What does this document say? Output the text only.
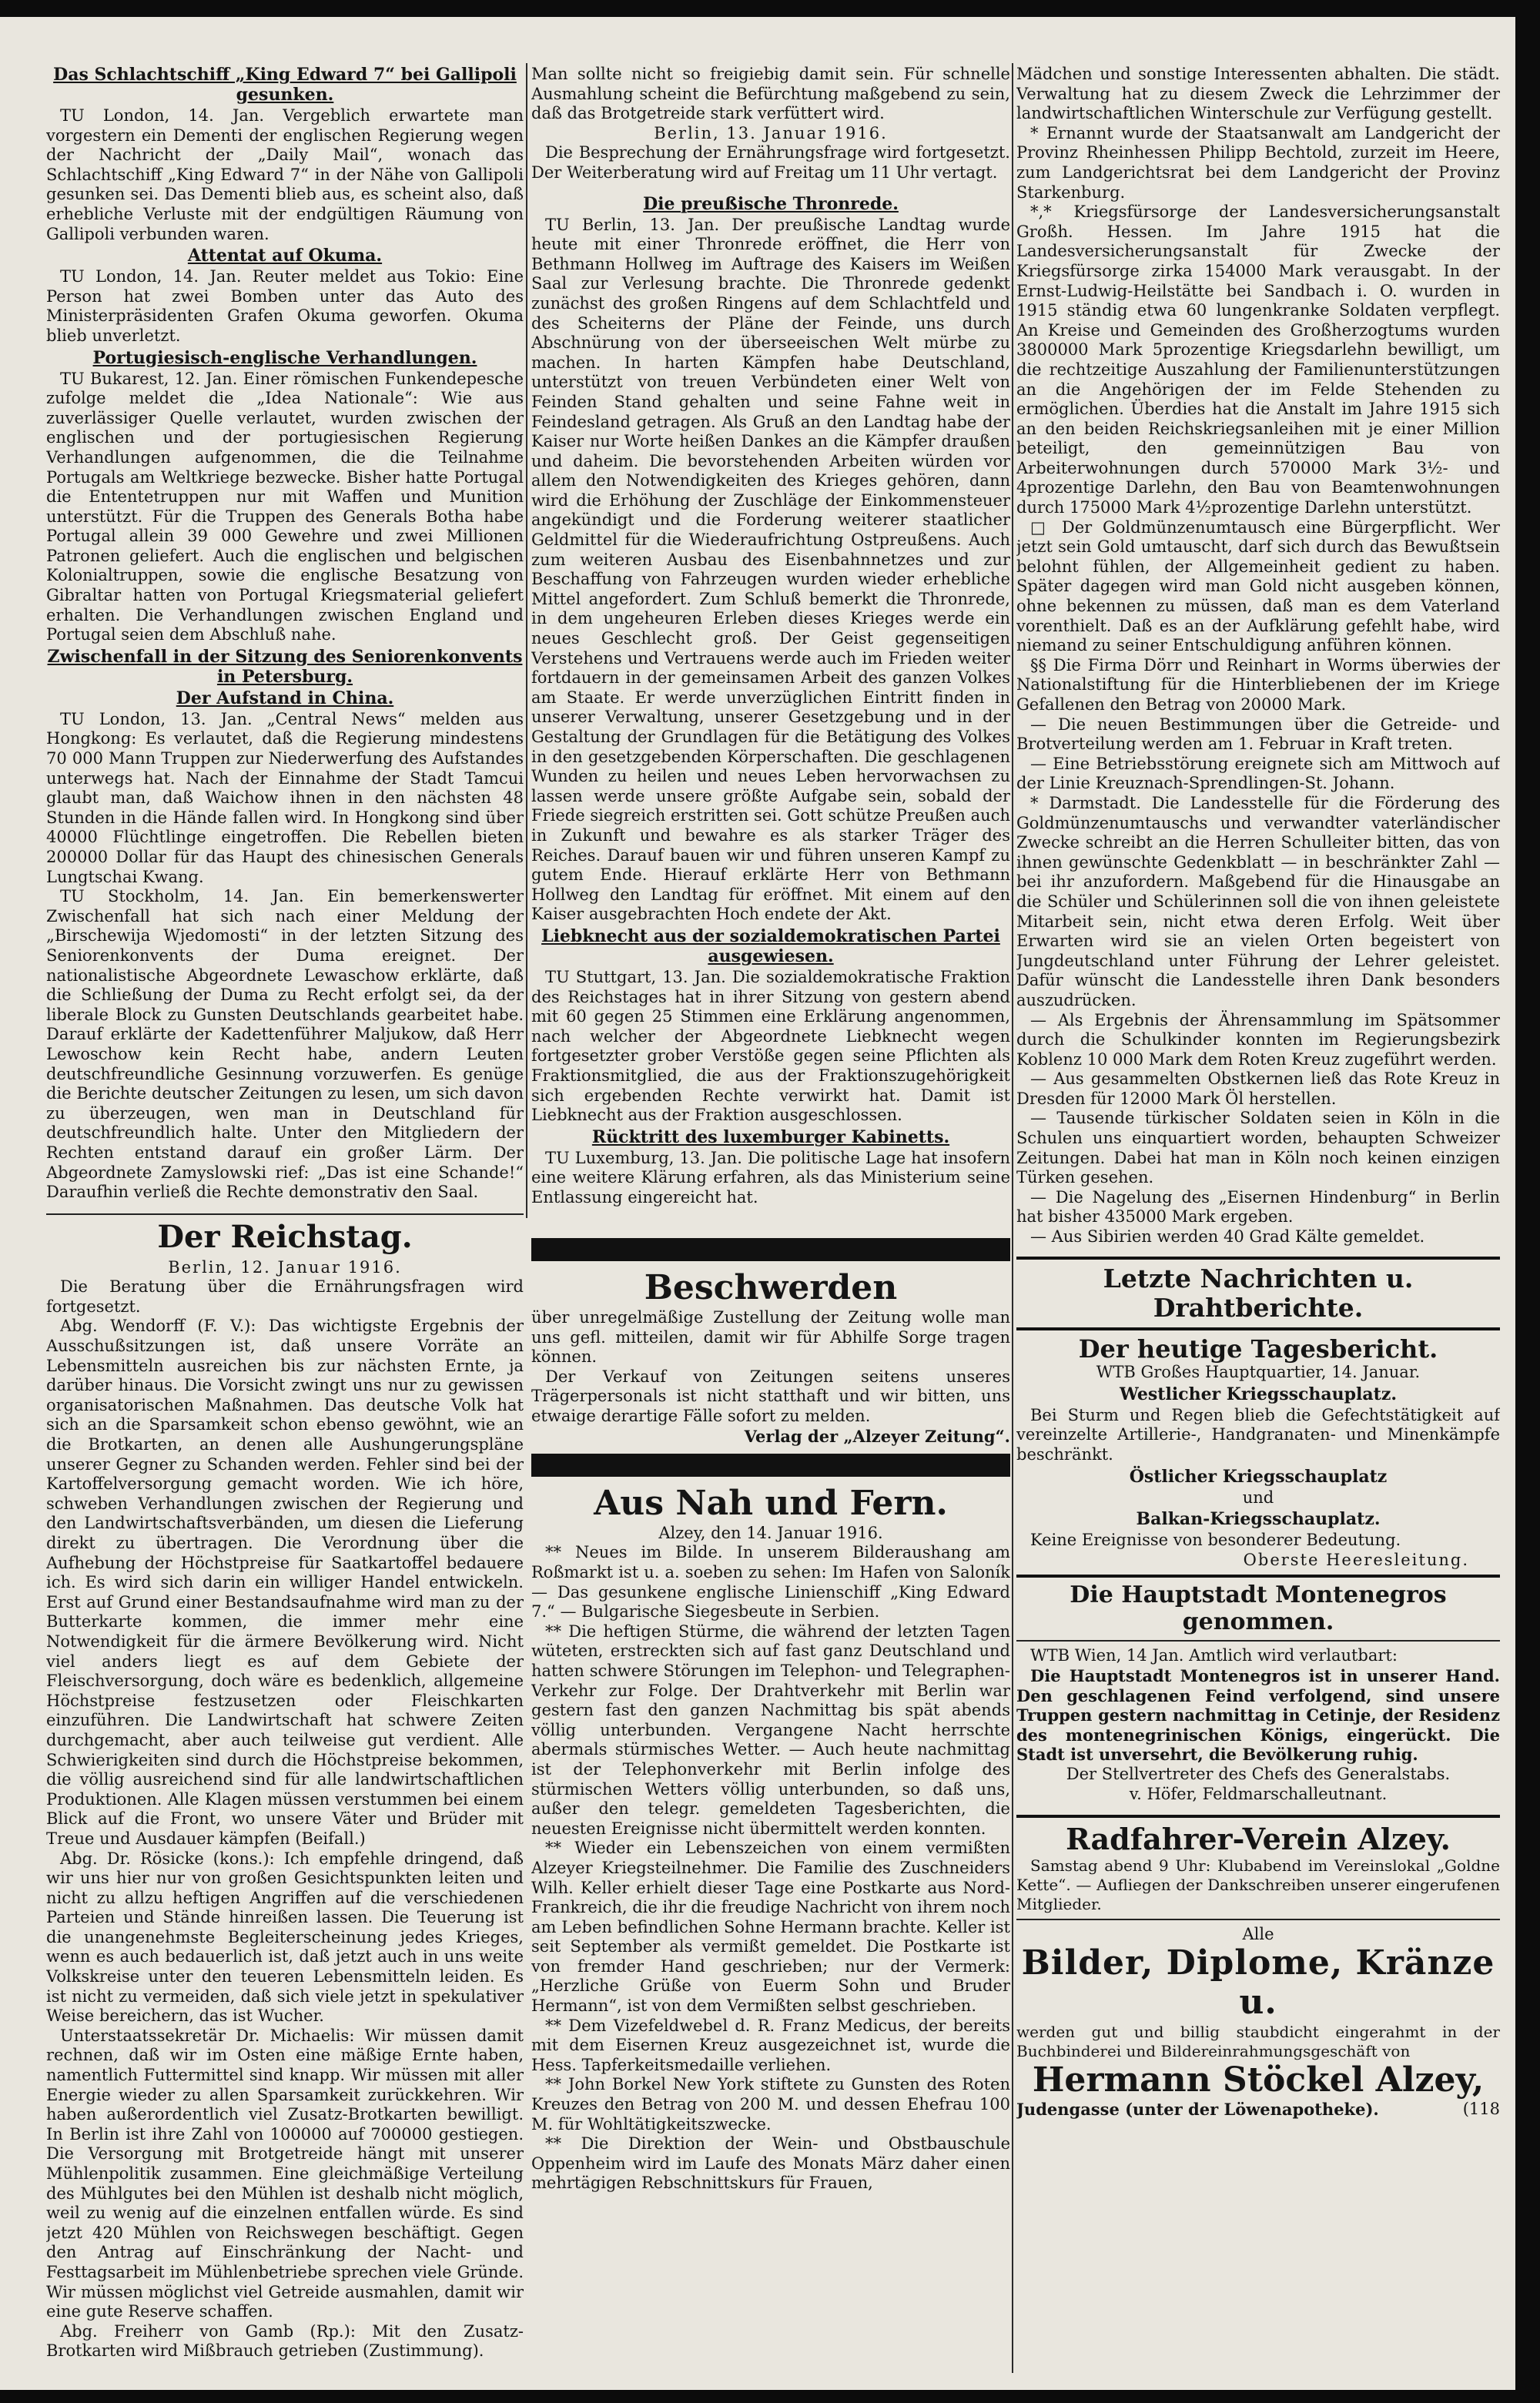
Das Schlachtschiff „King Edward 7“ bei Gallipoli gesunken.

TU London, 14. Jan. Vergeblich erwartete man vorgestern ein Dementi der englischen Regierung wegen der Nachricht der „Daily Mail“, wonach das Schlachtschiff „King Edward 7“ in der Nähe von Gallipoli gesunken sei. Das Dementi blieb aus, es scheint also, daß erhebliche Verluste mit der endgültigen Räumung von Gallipoli verbunden waren.

Attentat auf Okuma.

TU London, 14. Jan. Reuter meldet aus Tokio: Eine Person hat zwei Bomben unter das Auto des Ministerpräsidenten Grafen Okuma geworfen. Okuma blieb unverletzt.

Portugiesisch-englische Verhandlungen.

TU Bukarest, 12. Jan. Einer römischen Funkendepesche zufolge meldet die „Idea Nationale“: Wie aus zuverlässiger Quelle verlautet, wurden zwischen der englischen und der portugiesischen Regierung Verhandlungen aufgenommen, die die Teilnahme Portugals am Weltkriege bezwecke. Bisher hatte Portugal die Ententetruppen nur mit Waffen und Munition unterstützt. Für die Truppen des Generals Botha habe Portugal allein 39 000 Gewehre und zwei Millionen Patronen geliefert. Auch die englischen und belgischen Kolonialtruppen, sowie die englische Besatzung von Gibraltar hatten von Portugal Kriegsmaterial geliefert erhalten. Die Verhandlungen zwischen England und Portugal seien dem Abschluß nahe.

Zwischenfall in der Sitzung des Seniorenkonvents in Petersburg.
Der Aufstand in China.

TU London, 13. Jan. „Central News“ melden aus Hongkong: Es verlautet, daß die Regierung mindestens 70 000 Mann Truppen zur Niederwerfung des Aufstandes unterwegs hat. Nach der Einnahme der Stadt Tamcui glaubt man, daß Waichow ihnen in den nächsten 48 Stunden in die Hände fallen wird. In Hongkong sind über 40000 Flüchtlinge eingetroffen. Die Rebellen bieten 200000 Dollar für das Haupt des chinesischen Generals Lungtschai Kwang.

TU Stockholm, 14. Jan. Ein bemerkenswerter Zwischenfall hat sich nach einer Meldung der „Birschewija Wjedomosti“ in der letzten Sitzung des Seniorenkonvents der Duma ereignet. Der nationalistische Abgeordnete Lewaschow erklärte, daß die Schließung der Duma zu Recht erfolgt sei, da der liberale Block zu Gunsten Deutschlands gearbeitet habe. Darauf erklärte der Kadettenführer Maljukow, daß Herr Lewoschow kein Recht habe, andern Leuten deutschfreundliche Gesinnung vorzuwerfen. Es genüge die Berichte deutscher Zeitungen zu lesen, um sich davon zu überzeugen, wen man in Deutschland für deutschfreundlich halte. Unter den Mitgliedern der Rechten entstand darauf ein großer Lärm. Der Abgeordnete Zamyslowski rief: „Das ist eine Schande!“ Daraufhin verließ die Rechte demonstrativ den Saal.

Der Reichstag.
Berlin, 12. Januar 1916.

Die Beratung über die Ernährungsfragen wird fortgesetzt.

Abg. Wendorff (F. V.): Das wichtigste Ergebnis der Ausschußsitzungen ist, daß unsere Vorräte an Lebensmitteln ausreichen bis zur nächsten Ernte, ja darüber hinaus. Die Vorsicht zwingt uns nur zu gewissen organisatorischen Maßnahmen. Das deutsche Volk hat sich an die Sparsamkeit schon ebenso gewöhnt, wie an die Brotkarten, an denen alle Aushungerungspläne unserer Gegner zu Schanden werden. Fehler sind bei der Kartoffelversorgung gemacht worden. Wie ich höre, schweben Verhandlungen zwischen der Regierung und den Landwirtschaftsverbänden, um diesen die Lieferung direkt zu übertragen. Die Verordnung über die Aufhebung der Höchstpreise für Saatkartoffel bedauere ich. Es wird sich darin ein williger Handel entwickeln. Erst auf Grund einer Bestandsaufnahme wird man zu der Butterkarte kommen, die immer mehr eine Notwendigkeit für die ärmere Bevölkerung wird. Nicht viel anders liegt es auf dem Gebiete der Fleischversorgung, doch wäre es bedenklich, allgemeine Höchstpreise festzusetzen oder Fleischkarten einzuführen. Die Landwirtschaft hat schwere Zeiten durchgemacht, aber auch teilweise gut verdient. Alle Schwierigkeiten sind durch die Höchstpreise bekommen, die völlig ausreichend sind für alle landwirtschaftlichen Produktionen. Alle Klagen müssen verstummen bei einem Blick auf die Front, wo unsere Väter und Brüder mit Treue und Ausdauer kämpfen (Beifall.)

Abg. Dr. Rösicke (kons.): Ich empfehle dringend, daß wir uns hier nur von großen Gesichtspunkten leiten und nicht zu allzu heftigen Angriffen auf die verschiedenen Parteien und Stände hinreißen lassen. Die Teuerung ist die unangenehmste Begleiterscheinung jedes Krieges, wenn es auch bedauerlich ist, daß jetzt auch in uns weite Volkskreise unter den teueren Lebensmitteln leiden. Es ist nicht zu vermeiden, daß sich viele jetzt in spekulativer Weise bereichern, das ist Wucher.

Unterstaatssekretär Dr. Michaelis: Wir müssen damit rechnen, daß wir im Osten eine mäßige Ernte haben, namentlich Futtermittel sind knapp. Wir müssen mit aller Energie wieder zu allen Sparsamkeit zurückkehren. Wir haben außerordentlich viel Zusatz-Brotkarten bewilligt. In Berlin ist ihre Zahl von 100000 auf 700000 gestiegen. Die Versorgung mit Brotgetreide hängt mit unserer Mühlenpolitik zusammen. Eine gleichmäßige Verteilung des Mühlgutes bei den Mühlen ist deshalb nicht möglich, weil zu wenig auf die einzelnen entfallen würde. Es sind jetzt 420 Mühlen von Reichswegen beschäftigt. Gegen den Antrag auf Einschränkung der Nacht- und Festtagsarbeit im Mühlenbetriebe sprechen viele Gründe. Wir müssen möglichst viel Getreide ausmahlen, damit wir eine gute Reserve schaffen.

Abg. Freiherr von Gamb (Rp.): Mit den Zusatz-Brotkarten wird Mißbrauch getrieben (Zustimmung).

Man sollte nicht so freigiebig damit sein. Für schnelle Ausmahlung scheint die Befürchtung maßgebend zu sein, daß das Brotgetreide stark verfüttert wird.

Berlin, 13. Januar 1916.

Die Besprechung der Ernährungsfrage wird fortgesetzt. Der Weiterberatung wird auf Freitag um 11 Uhr vertagt.

Die preußische Thronrede.

TU Berlin, 13. Jan. Der preußische Landtag wurde heute mit einer Thronrede eröffnet, die Herr von Bethmann Hollweg im Auftrage des Kaisers im Weißen Saal zur Verlesung brachte. Die Thronrede gedenkt zunächst des großen Ringens auf dem Schlachtfeld und des Scheiterns der Pläne der Feinde, uns durch Abschnürung von der überseeischen Welt mürbe zu machen. In harten Kämpfen habe Deutschland, unterstützt von treuen Verbündeten einer Welt von Feinden Stand gehalten und seine Fahne weit in Feindesland getragen. Als Gruß an den Landtag habe der Kaiser nur Worte heißen Dankes an die Kämpfer draußen und daheim. Die bevorstehenden Arbeiten würden vor allem den Notwendigkeiten des Krieges gehören, dann wird die Erhöhung der Zuschläge der Einkommensteuer angekündigt und die Forderung weiterer staatlicher Geldmittel für die Wiederaufrichtung Ostpreußens. Auch zum weiteren Ausbau des Eisenbahnnetzes und zur Beschaffung von Fahrzeugen wurden wieder erhebliche Mittel angefordert. Zum Schluß bemerkt die Thronrede, in dem ungeheuren Erleben dieses Krieges werde ein neues Geschlecht groß. Der Geist gegenseitigen Verstehens und Vertrauens werde auch im Frieden weiter fortdauern in der gemeinsamen Arbeit des ganzen Volkes am Staate. Er werde unverzüglichen Eintritt finden in unserer Verwaltung, unserer Gesetzgebung und in der Gestaltung der Grundlagen für die Betätigung des Volkes in den gesetzgebenden Körperschaften. Die geschlagenen Wunden zu heilen und neues Leben hervorwachsen zu lassen werde unsere größte Aufgabe sein, sobald der Friede siegreich erstritten sei. Gott schütze Preußen auch in Zukunft und bewahre es als starker Träger des Reiches. Darauf bauen wir und führen unseren Kampf zu gutem Ende. Hierauf erklärte Herr von Bethmann Hollweg den Landtag für eröffnet. Mit einem auf den Kaiser ausgebrachten Hoch endete der Akt.

Liebknecht aus der sozialdemokratischen Partei ausgewiesen.

TU Stuttgart, 13. Jan. Die sozialdemokratische Fraktion des Reichstages hat in ihrer Sitzung von gestern abend mit 60 gegen 25 Stimmen eine Erklärung angenommen, nach welcher der Abgeordnete Liebknecht wegen fortgesetzter grober Verstöße gegen seine Pflichten als Fraktionsmitglied, die aus der Fraktionszugehörigkeit sich ergebenden Rechte verwirkt hat. Damit ist Liebknecht aus der Fraktion ausgeschlossen.

Rücktritt des luxemburger Kabinetts.

TU Luxemburg, 13. Jan. Die politische Lage hat insofern eine weitere Klärung erfahren, als das Ministerium seine Entlassung eingereicht hat.

Beschwerden

über unregelmäßige Zustellung der Zeitung wolle man uns gefl. mitteilen, damit wir für Abhilfe Sorge tragen können.

Der Verkauf von Zeitungen seitens unseres Trägerpersonals ist nicht statthaft und wir bitten, uns etwaige derartige Fälle sofort zu melden.

Verlag der „Alzeyer Zeitung“.
Aus Nah und Fern.
Alzey, den 14. Januar 1916.

** Neues im Bilde. In unserem Bilderaushang am Roßmarkt ist u. a. soeben zu sehen: Im Hafen von Saloník — Das gesunkene englische Linienschiff „King Edward 7.“ — Bulgarische Siegesbeute in Serbien.

** Die heftigen Stürme, die während der letzten Tagen wüteten, erstreckten sich auf fast ganz Deutschland und hatten schwere Störungen im Telephon- und Telegraphen-Verkehr zur Folge. Der Drahtverkehr mit Berlin war gestern fast den ganzen Nachmittag bis spät abends völlig unterbunden. Vergangene Nacht herrschte abermals stürmisches Wetter. — Auch heute nachmittag ist der Telephonverkehr mit Berlin infolge des stürmischen Wetters völlig unterbunden, so daß uns, außer den telegr. gemeldeten Tagesberichten, die neuesten Ereignisse nicht übermittelt werden konnten.

** Wieder ein Lebenszeichen von einem vermißten Alzeyer Kriegsteilnehmer. Die Familie des Zuschneiders Wilh. Keller erhielt dieser Tage eine Postkarte aus Nord-Frankreich, die ihr die freudige Nachricht von ihrem noch am Leben befindlichen Sohne Hermann brachte. Keller ist seit September als vermißt gemeldet. Die Postkarte ist von fremder Hand geschrieben; nur der Vermerk: „Herzliche Grüße von Euerm Sohn und Bruder Hermann“, ist von dem Vermißten selbst geschrieben.

** Dem Vizefeldwebel d. R. Franz Medicus, der bereits mit dem Eisernen Kreuz ausgezeichnet ist, wurde die Hess. Tapferkeitsmedaille verliehen.

** John Borkel New York stiftete zu Gunsten des Roten Kreuzes den Betrag von 200 M. und dessen Ehefrau 100 M. für Wohltätigkeitszwecke.

** Die Direktion der Wein- und Obstbauschule Oppenheim wird im Laufe des Monats März daher einen mehrtägigen Rebschnittskurs für Frauen,

Mädchen und sonstige Interessenten abhalten. Die städt. Verwaltung hat zu diesem Zweck die Lehrzimmer der landwirtschaftlichen Winterschule zur Verfügung gestellt.

* Ernannt wurde der Staatsanwalt am Landgericht der Provinz Rheinhessen Philipp Bechtold, zurzeit im Heere, zum Landgerichtsrat bei dem Landgericht der Provinz Starkenburg.

*,* Kriegsfürsorge der Landesversicherungsanstalt Großh. Hessen. Im Jahre 1915 hat die Landesversicherungsanstalt für Zwecke der Kriegsfürsorge zirka 154000 Mark verausgabt. In der Ernst-Ludwig-Heilstätte bei Sandbach i. O. wurden in 1915 ständig etwa 60 lungenkranke Soldaten verpflegt. An Kreise und Gemeinden des Großherzogtums wurden 3800000 Mark 5prozentige Kriegsdarlehn bewilligt, um die rechtzeitige Auszahlung der Familienunterstützungen an die Angehörigen der im Felde Stehenden zu ermöglichen. Überdies hat die Anstalt im Jahre 1915 sich an den beiden Reichskriegsanleihen mit je einer Million beteiligt, den gemeinnützigen Bau von Arbeiterwohnungen durch 570000 Mark 3½- und 4prozentige Darlehn, den Bau von Beamtenwohnungen durch 175000 Mark 4½prozentige Darlehn unterstützt.

□ Der Goldmünzenumtausch eine Bürgerpflicht. Wer jetzt sein Gold umtauscht, darf sich durch das Bewußtsein belohnt fühlen, der Allgemeinheit gedient zu haben. Später dagegen wird man Gold nicht ausgeben können, ohne bekennen zu müssen, daß man es dem Vaterland vorenthielt. Daß es an der Aufklärung gefehlt habe, wird niemand zu seiner Entschuldigung anführen können.

§§ Die Firma Dörr und Reinhart in Worms überwies der Nationalstiftung für die Hinterbliebenen der im Kriege Gefallenen den Betrag von 20000 Mark.

— Die neuen Bestimmungen über die Getreide- und Brotverteilung werden am 1. Februar in Kraft treten.

— Eine Betriebsstörung ereignete sich am Mittwoch auf der Linie Kreuznach-Sprendlingen-St. Johann.

* Darmstadt. Die Landesstelle für die Förderung des Goldmünzenumtauschs und verwandter vaterländischer Zwecke schreibt an die Herren Schulleiter bitten, das von ihnen gewünschte Gedenkblatt — in beschränkter Zahl — bei ihr anzufordern. Maßgebend für die Hinausgabe an die Schüler und Schülerinnen soll die von ihnen geleistete Mitarbeit sein, nicht etwa deren Erfolg. Weit über Erwarten wird sie an vielen Orten begeistert von Jungdeutschland unter Führung der Lehrer geleistet. Dafür wünscht die Landesstelle ihren Dank besonders auszudrücken.

— Als Ergebnis der Ährensammlung im Spätsommer durch die Schulkinder konnten im Regierungsbezirk Koblenz 10 000 Mark dem Roten Kreuz zugeführt werden.

— Aus gesammelten Obstkernen ließ das Rote Kreuz in Dresden für 12000 Mark Öl herstellen.

— Tausende türkischer Soldaten seien in Köln in die Schulen uns einquartiert worden, behaupten Schweizer Zeitungen. Dabei hat man in Köln noch keinen einzigen Türken gesehen.

— Die Nagelung des „Eisernen Hindenburg“ in Berlin hat bisher 435000 Mark ergeben.

— Aus Sibirien werden 40 Grad Kälte gemeldet.

Letzte Nachrichten u. Drahtberichte.
Der heutige Tagesbericht.
WTB Großes Hauptquartier, 14. Januar.
Westlicher Kriegsschauplatz.

Bei Sturm und Regen blieb die Gefechtstätigkeit auf vereinzelte Artillerie-, Handgranaten- und Minenkämpfe beschränkt.

Östlicher Kriegsschauplatz
und
Balkan-Kriegsschauplatz.

Keine Ereignisse von besonderer Bedeutung.

Oberste Heeresleitung.
Die Hauptstadt Montenegros genommen.

WTB Wien, 14 Jan. Amtlich wird verlautbart:

Die Hauptstadt Montenegros ist in unserer Hand. Den geschlagenen Feind verfolgend, sind unsere Truppen gestern nachmittag in Cetinje, der Residenz des montenegrinischen Königs, eingerückt. Die Stadt ist unversehrt, die Bevölkerung ruhig.

Der Stellvertreter des Chefs des Generalstabs.
v. Höfer, Feldmarschalleutnant.
Radfahrer-Verein Alzey.

Samstag abend 9 Uhr: Klubabend im Vereinslokal „Goldne Kette“. — Aufliegen der Dankschreiben unserer eingerufenen Mitglieder.

Alle
Bilder, Diplome, Kränze u.

werden gut und billig staubdicht eingerahmt in der Buchbinderei und Bildereinrahmungsgeschäft von

Hermann Stöckel Alzey,
Judengasse (unter der Löwenapotheke).	(118
